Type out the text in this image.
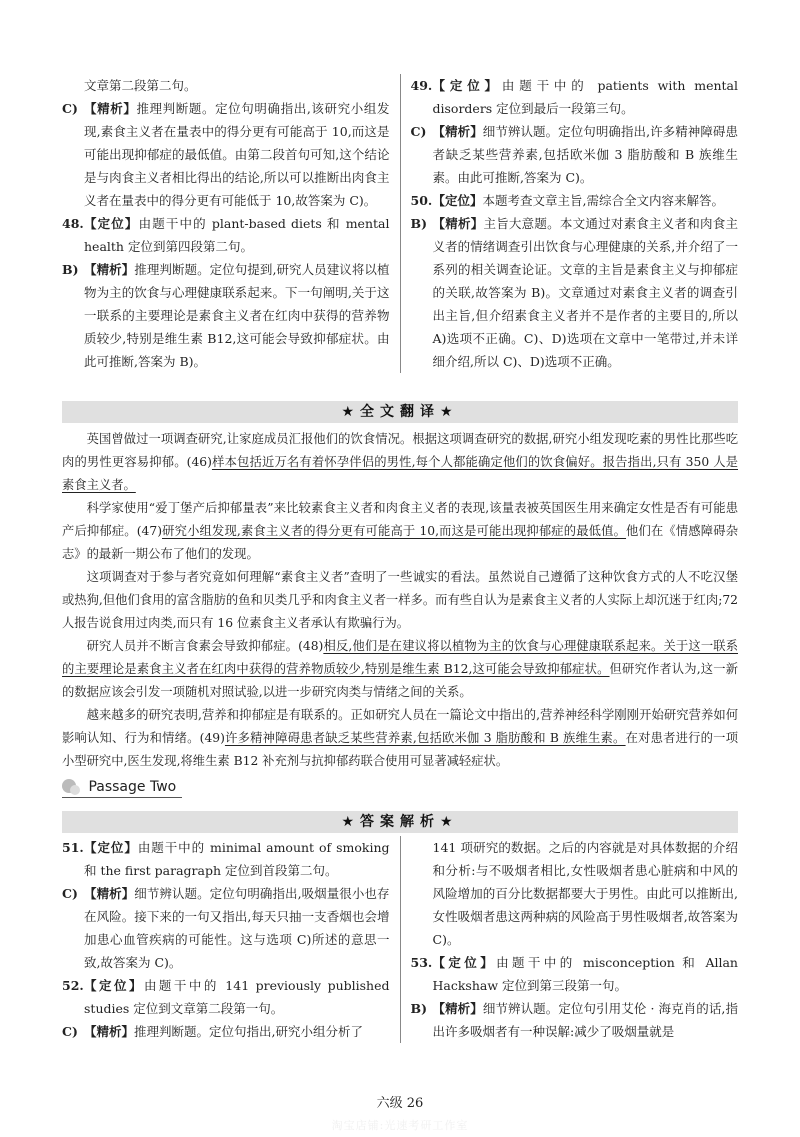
文章第二段第二句。

C) 【精析】推理判断题。定位句明确指出,该研究小组发现,素食主义者在量表中的得分更有可能高于 10,而这是可能出现抑郁症的最低值。由第二段首句可知,这个结论是与肉食主义者相比得出的结论,所以可以推断出肉食主义者在量表中的得分更有可能低于 10,故答案为 C)。

48. 【定位】由题干中的 plant-based diets 和 mental health 定位到第四段第二句。

B) 【精析】推理判断题。定位句提到,研究人员建议将以植物为主的饮食与心理健康联系起来。下一句阐明,关于这一联系的主要理论是素食主义者在红肉中获得的营养物质较少,特别是维生素 B12,这可能会导致抑郁症状。由此可推断,答案为 B)。

49. 【定位】由题干中的 patients with mental disorders 定位到最后一段第三句。

C) 【精析】细节辨认题。定位句明确指出,许多精神障碍患者缺乏某些营养素,包括欧米伽 3 脂肪酸和 B 族维生素。由此可推断,答案为 C)。

50. 【定位】本题考查文章主旨,需综合全文内容来解答。

B) 【精析】主旨大意题。本文通过对素食主义者和肉食主义者的情绪调查引出饮食与心理健康的关系,并介绍了一系列的相关调查论证。文章的主旨是素食主义与抑郁症的关联,故答案为 B)。文章通过对素食主义者的调查引出主旨,但介绍素食主义者并不是作者的主要目的,所以 A)选项不正确。C)、D)选项在文章中一笔带过,并未详细介绍,所以 C)、D)选项不正确。

★全文翻译★

英国曾做过一项调查研究,让家庭成员汇报他们的饮食情况。根据这项调查研究的数据,研究小组发现吃素的男性比那些吃肉的男性更容易抑郁。(46)样本包括近万名有着怀孕伴侣的男性,每个人都能确定他们的饮食偏好。报告指出,只有 350 人是素食主义者。

科学家使用“爱丁堡产后抑郁量表”来比较素食主义者和肉食主义者的表现,该量表被英国医生用来确定女性是否有可能患产后抑郁症。(47)研究小组发现,素食主义者的得分更有可能高于 10,而这是可能出现抑郁症的最低值。他们在《情感障碍杂志》的最新一期公布了他们的发现。

这项调查对于参与者究竟如何理解“素食主义者”查明了一些诚实的看法。虽然说自己遵循了这种饮食方式的人不吃汉堡或热狗,但他们食用的富含脂肪的鱼和贝类几乎和肉食主义者一样多。而有些自认为是素食主义者的人实际上却沉迷于红肉;72 人报告说食用过肉类,而只有 16 位素食主义者承认有欺骗行为。

研究人员并不断言食素会导致抑郁症。(48)相反,他们是在建议将以植物为主的饮食与心理健康联系起来。关于这一联系的主要理论是素食主义者在红肉中获得的营养物质较少,特别是维生素 B12,这可能会导致抑郁症状。但研究作者认为,这一新的数据应该会引发一项随机对照试验,以进一步研究肉类与情绪之间的关系。

越来越多的研究表明,营养和抑郁症是有联系的。正如研究人员在一篇论文中指出的,营养神经科学刚刚开始研究营养如何影响认知、行为和情绪。(49)许多精神障碍患者缺乏某些营养素,包括欧米伽 3 脂肪酸和 B 族维生素。在对患者进行的一项小型研究中,医生发现,将维生素 B12 补充剂与抗抑郁药联合使用可显著减轻症状。

Passage Two
★答案解析★

51. 【定位】由题干中的 minimal amount of smoking 和 the first paragraph 定位到首段第二句。

C) 【精析】细节辨认题。定位句明确指出,吸烟量很小也存在风险。接下来的一句又指出,每天只抽一支香烟也会增加患心血管疾病的可能性。这与选项 C)所述的意思一致,故答案为 C)。

52. 【定位】由题干中的 141 previously published studies 定位到文章第二段第一句。

C) 【精析】推理判断题。定位句指出,研究小组分析了

141 项研究的数据。之后的内容就是对具体数据的介绍和分析:与不吸烟者相比,女性吸烟者患心脏病和中风的风险增加的百分比数据都要大于男性。由此可以推断出,女性吸烟者患这两种病的风险高于男性吸烟者,故答案为 C)。

53. 【定位】由题干中的 misconception 和 Allan Hackshaw 定位到第三段第一句。

B) 【精析】细节辨认题。定位句引用艾伦 · 海克肖的话,指出许多吸烟者有一种误解:减少了吸烟量就是

六级 26
淘宝店铺:光速考研工作室
